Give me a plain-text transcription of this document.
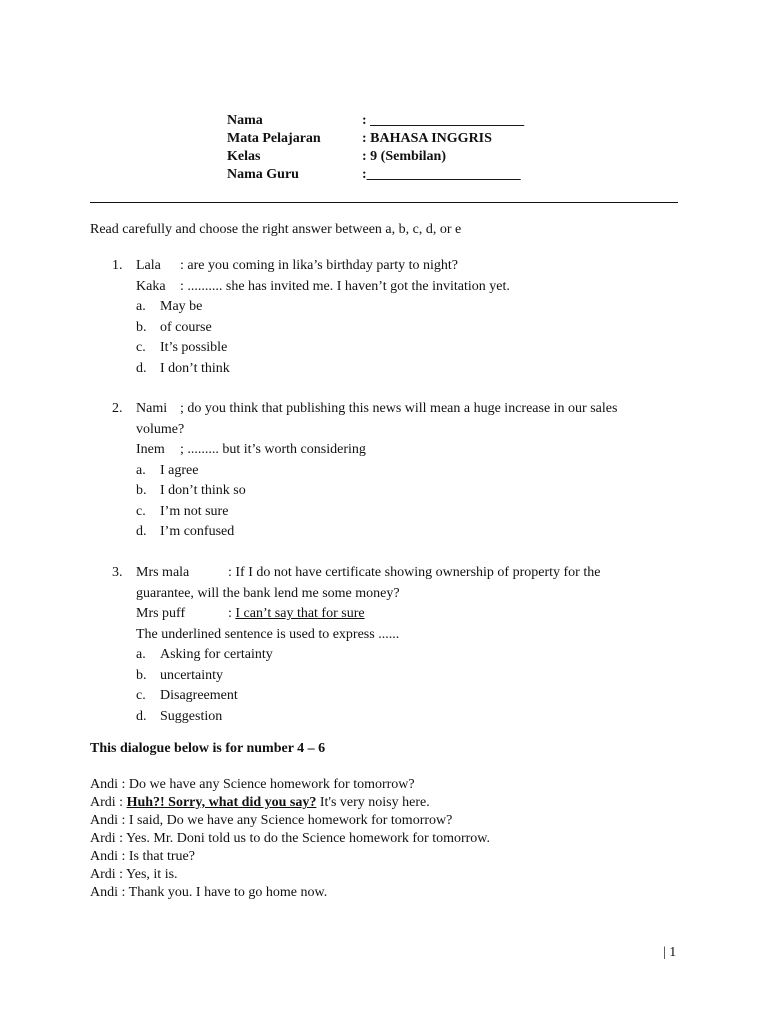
Nama	: ______________________
Mata Pelajaran	: BAHASA INGGRIS
Kelas	: 9 (Sembilan)
Nama Guru	:______________________
Read carefully and choose the right answer between a, b, c, d, or e
1. Lala : are you coming in lika’s birthday party to night?
Kaka : .......... she has invited me. I haven’t got the invitation yet.
a.	May be
b. of course
c.	It’s possible
d. I don’t think
2. Nami ; do you think that publishing this news will mean a huge increase in our sales
volume?
Inem ; ......... but it’s worth considering
a.	I agree
b. I don’t think so
c.	I’m not sure
d. I’m confused
3. Mrs mala	: If I do not have certificate showing ownership of property for the
guarantee, will the bank lend me some money?
Mrs puff	: I can’t say that for sure
The underlined sentence is used to express ......
a.	Asking for certainty
b. uncertainty
c.	Disagreement
d. Suggestion
This dialogue below is for number 4 – 6
Andi : Do we have any Science homework for tomorrow?
Ardi : Huh?! Sorry, what did you say? It's very noisy here.
Andi : I said, Do we have any Science homework for tomorrow?
Ardi : Yes. Mr. Doni told us to do the Science homework for tomorrow.
Andi : Is that true?
Ardi : Yes, it is.
Andi : Thank you. I have to go home now.
| 1
